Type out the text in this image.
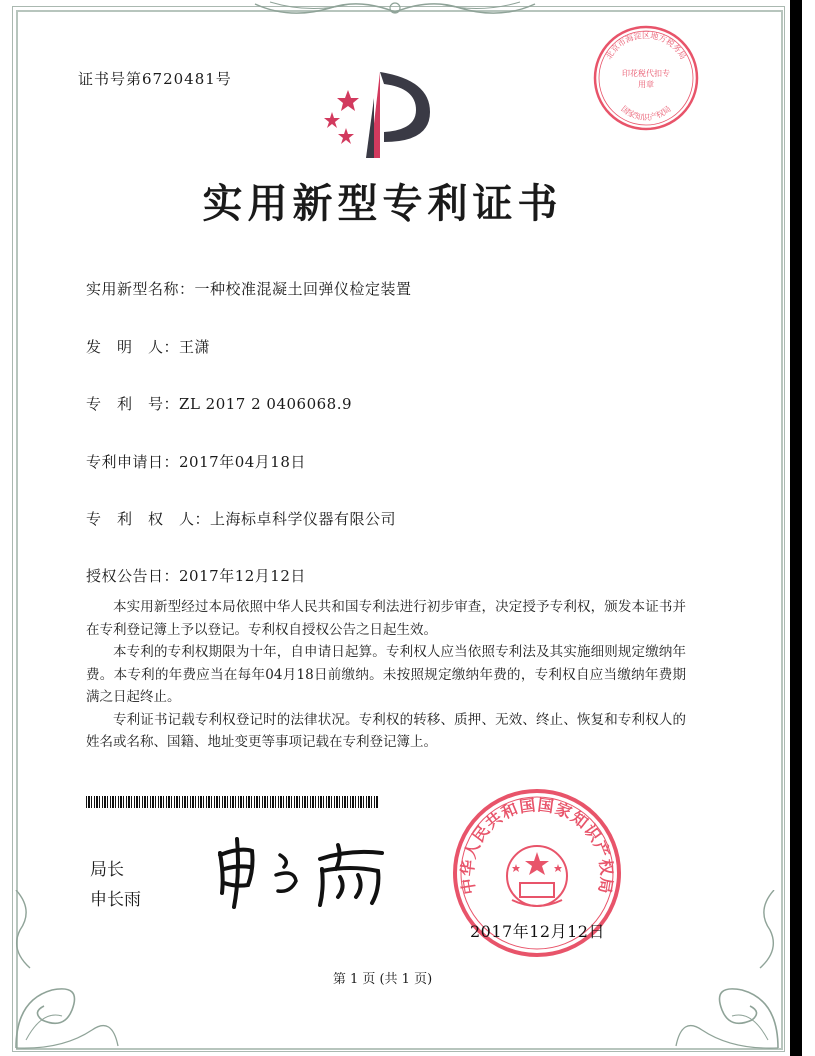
证书号第6720481号
北京市海淀区地方税务局
国家知识产权局
印花税代扣专用章
实用新型专利证书
实用新型名称：一种校准混凝土回弹仪检定装置
发　明　人：王潇
专　利　号：ZL 2017 2 0406068.9
专利申请日：2017年04月18日
专　利　权　人：上海标卓科学仪器有限公司
授权公告日：2017年12月12日

本实用新型经过本局依照中华人民共和国专利法进行初步审查，决定授予专利权，颁发本证书并在专利登记簿上予以登记。专利权自授权公告之日起生效。

本专利的专利权期限为十年，自申请日起算。专利权人应当依照专利法及其实施细则规定缴纳年费。本专利的年费应当在每年04月18日前缴纳。未按照规定缴纳年费的，专利权自应当缴纳年费期满之日起终止。

专利证书记载专利权登记时的法律状况。专利权的转移、质押、无效、终止、恢复和专利权人的姓名或名称、国籍、地址变更等事项记载在专利登记簿上。

局长
申长雨
中华人民共和国国家知识产权局
2017年12月12日
第 1 页 (共 1 页)
